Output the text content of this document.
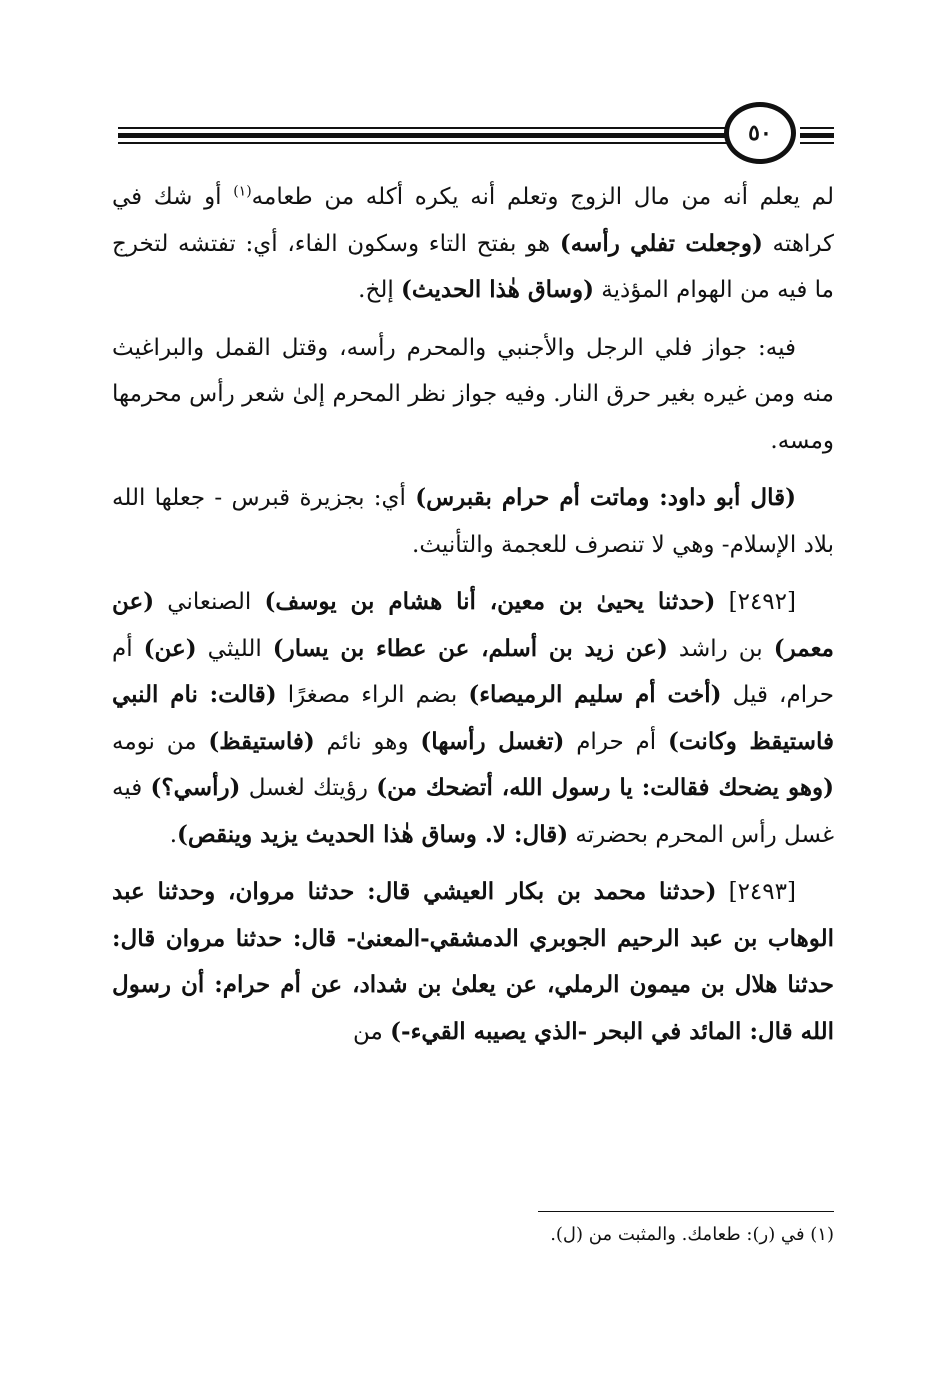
٥٠

لم يعلم أنه من مال الزوج وتعلم أنه يكره أكله من طعامه$^{(١)}$ أو شك في كراهته (وجعلت تفلي رأسه) هو بفتح التاء وسكون الفاء، أي: تفتشه لتخرج ما فيه من الهوام المؤذية (وساق هٰذا الحديث) إلخ.

فيه: جواز فلي الرجل والأجنبي والمحرم رأسه، وقتل القمل والبراغيث منه ومن غيره بغير حرق النار. وفيه جواز نظر المحرم إلىٰ شعر رأس محرمها ومسه.

(قال أبو داود: وماتت أم حرام بقبرس) أي: بجزيرة قبرس - جعلها الله بلاد الإسلام- وهي لا تنصرف للعجمة والتأنيث.

[٢٤٩٢] (حدثنا يحيىٰ بن معين، أنا هشام بن يوسف) الصنعاني (عن معمر) بن راشد (عن زيد بن أسلم، عن عطاء بن يسار) الليثي (عن) أم حرام، قيل (أخت أم سليم الرميصاء) بضم الراء مصغرًا (قالت: نام النبي فاستيقظ وكانت) أم حرام (تغسل رأسها) وهو نائم (فاستيقظ) من نومه (وهو يضحك فقالت: يا رسول الله، أتضحك من) رؤيتك لغسل (رأسي؟) فيه غسل رأس المحرم بحضرته (قال: لا. وساق هٰذا الحديث يزيد وينقص).

[٢٤٩٣] (حدثنا محمد بن بكار العيشي قال: حدثنا مروان، وحدثنا عبد الوهاب بن عبد الرحيم الجوبري الدمشقي-المعنىٰ- قال: حدثنا مروان قال: حدثنا هلال بن ميمون الرملي، عن يعلىٰ بن شداد، عن أم حرام: أن رسول الله قال: المائد في البحر -الذي يصيبه القيء-) من

(١) في (ر): طعامك. والمثبت من (ل).
